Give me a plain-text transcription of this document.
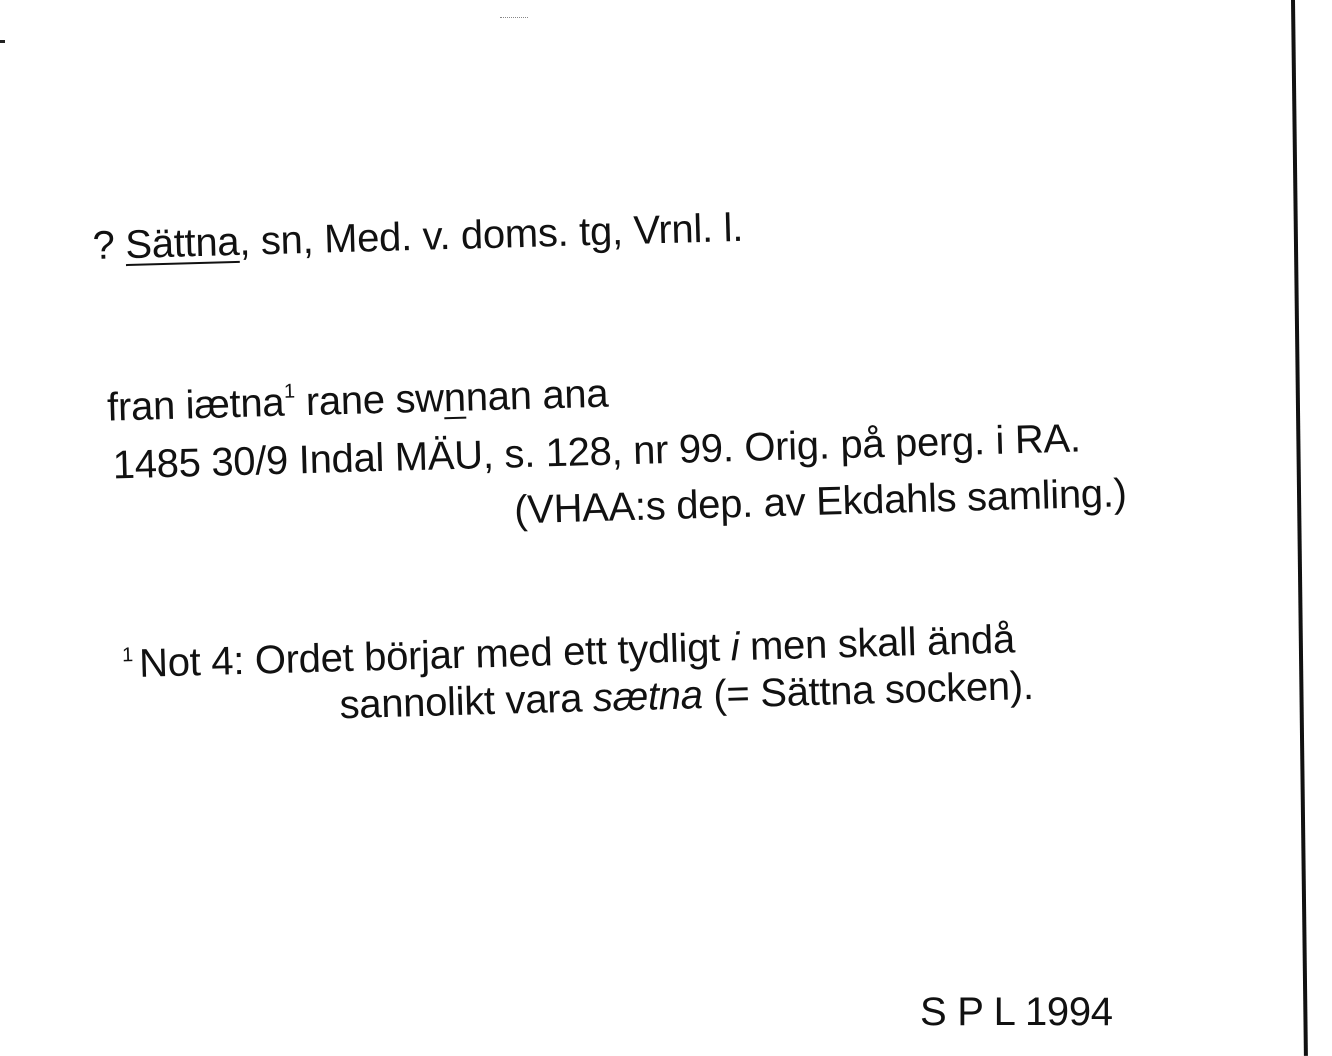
? Sättna, sn, Med. v. doms. tg, Vrnl. l.
fran iætna$^1$ rane swnnan ana
1485 30/9 Indal MÄU, s. 128, nr 99. Orig. på perg. i RA.
(VHAA:s dep. av Ekdahls samling.)
$^1$ Not 4: Ordet börjar med ett tydligt i men skall ändå
sannolikt vara sætna (= Sättna socken).
S P L 1994
